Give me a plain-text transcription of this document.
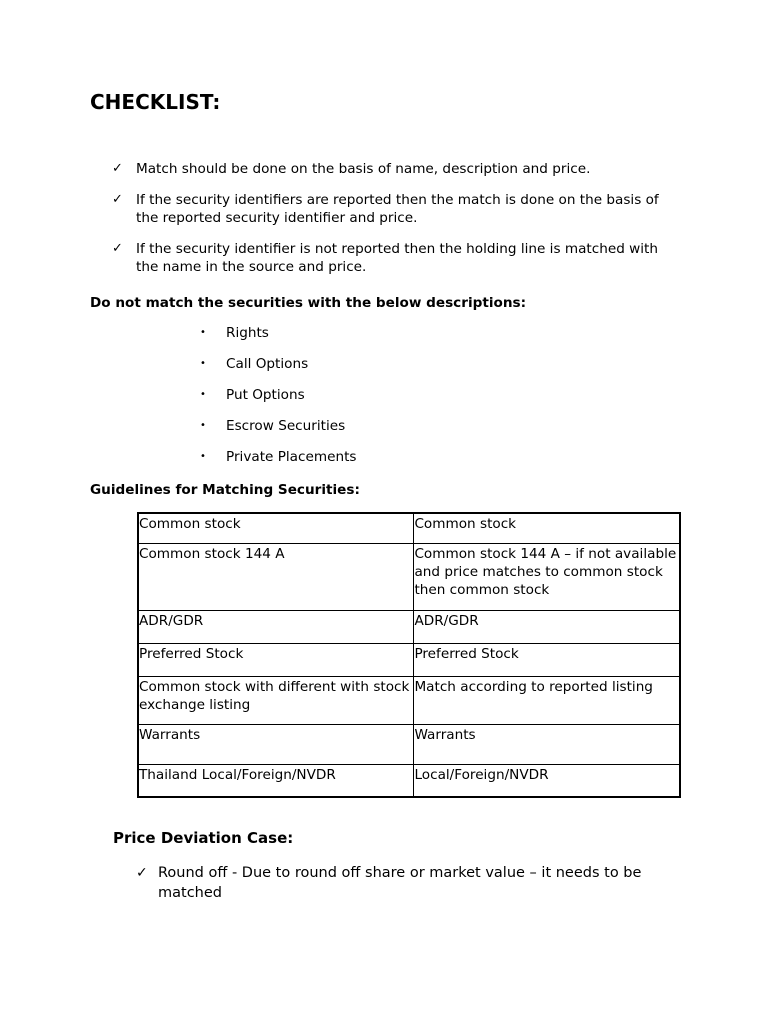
CHECKLIST:
✓ Match should be done on the basis of name, description and price.
✓ If the security identifiers are reported then the match is done on the basis of the reported security identifier and price.
✓ If the security identifier is not reported then the holding line is matched with the name in the source and price.
Do not match the securities with the below descriptions:
• Rights
• Call Options
• Put Options
• Escrow Securities
• Private Placements
Guidelines for Matching Securities:
Common stock	Common stock
Common stock 144 A	Common stock 144 A – if not available and price matches to common stock then common stock
ADR/GDR	ADR/GDR
Preferred Stock	Preferred Stock
Common stock with different with stock exchange listing	Match according to reported listing
Warrants	Warrants
Thailand Local/Foreign/NVDR	Local/Foreign/NVDR
Price Deviation Case:
✓ Round off - Due to round off share or market value – it needs to be matched
